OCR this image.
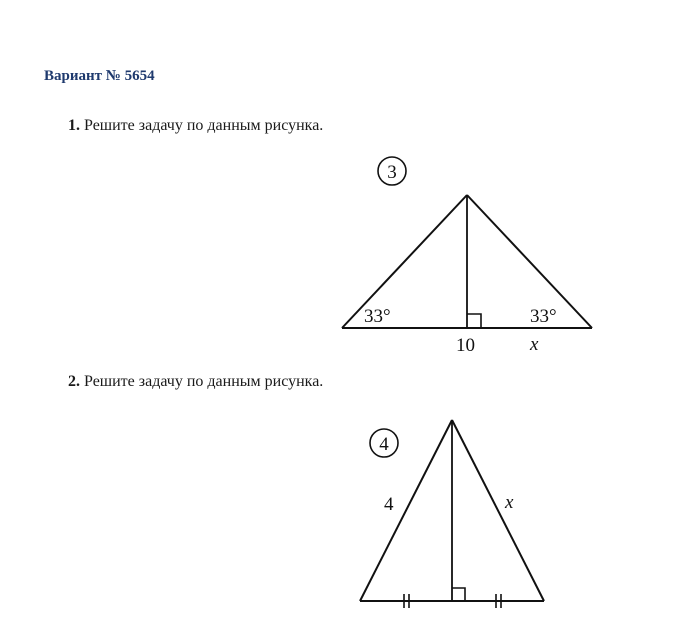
Вариант № 5654

1. Решите задачу по данным рисунка.

3
33°	33°
10	x

2. Решите задачу по данным рисунка.

4
4	x
